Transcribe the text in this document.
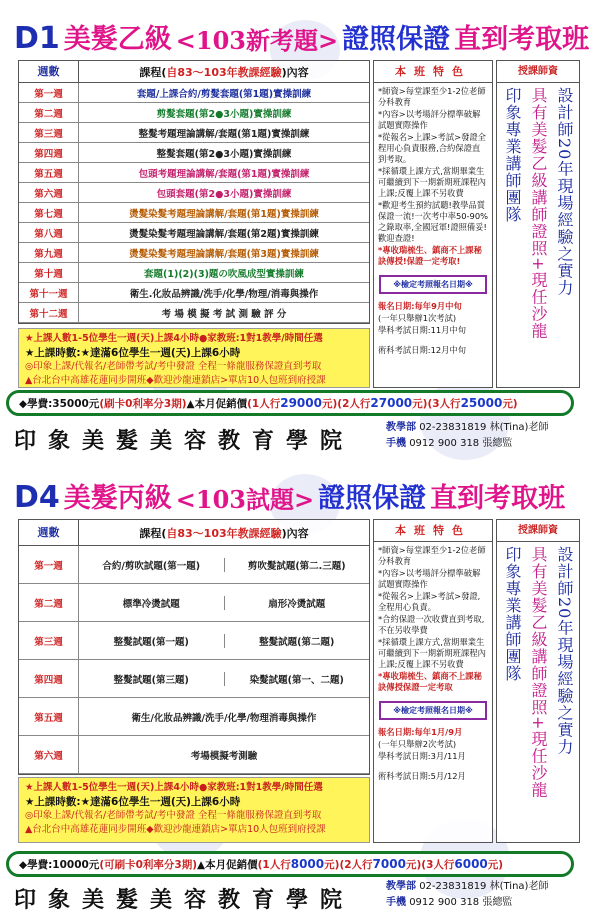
D1 美髮乙級 <103新考題> 證照保證 直到考取班
週數	課程(自83～103年教課經驗)內容
第一週	套題/上課合約/剪髮套題(第1題)實操訓練
第二週	剪髮套題(第2●3小題)實操訓練
第三週	整髮考題理論講解/套題(第1題)實操訓練
第四週	整髮套題(第2●3小題)實操訓練
第五週	包頭考題理論講解/套題(第1題)實操訓練
第六週	包頭套題(第2●3小題)實操訓練
第七週	燙髮染髮考題理論講解/套題(第1題)實操訓練
第八週	燙髮染髮考題理論講解/套題(第2題)實操訓練
第九週	燙髮染髮考題理論講解/套題(第3題)實操訓練
第十週	套題(1)(2)(3)題の吹風成型實操訓練
第十一週	衛生.化妝品辨識/洗手/化學/物理/消毒與操作
第十二週	考 場 模 擬 考 試 測 驗 評 分
★上課人數1-5位學生一週(天)上課4小時●家教班:1對1教學/時間任選
★上課時數:★達滿6位學生一週(天)上課6小時
◎印象上課/代報名/老師帶考試/考中發證 全程一條龍服務保證直到考取
▲台北台中高雄花蓮同步開班◆歡迎沙龍連鎖店>單店10人包班到府授課
本班特色
*師資>每堂課至少1-2位老師分科教育
*內容>以考場評分標準破解試題實際操作
*從報名>上課>考試>發證全程用心負責服務,合約保證直到考取。
*採循環上課方式,當期畢業生可繼續到下一期新期班課程內上課;反覆上課不另收費
*歡迎考生預約試聽!教學品質保證一流!一次考中率50-90%之錄取率,全國冠軍!證照備妥!歡迎查證!
*專收瑞梳生、鎮商不上課秘訣傳授!保證一定考取!
※檢定考照報名日期※
報名日期:每年9月中旬
(一年只舉辦1次考試)
學科考試日期:11月中旬
術科考試日期:12月中旬
授課師資
印象專業講師團隊 具有美髮乙級講師證照+現任沙龍 設計師20年現場經驗之實力
◆學費:35000元 (刷卡0利率分3期) ▲本月促銷價 (1人行 29000 元) (2人行 27000 元) (3人行 25000 元)
印象美髮美容教育學院
教學部 02-23831819 林(Tina)老師
手機 0912 900 318 張總監
D4 美髮丙級 <103試題> 證照保證 直到考取班
週數	課程(自83～103年教課經驗)內容
第一週	合約/剪吹試題(第一題)	剪吹髮試題(第二.三題)
第二週	標準冷燙試題	扇形冷燙試題
第三週	整髮試題(第一題)	整髮試題(第二題)
第四週	整髮試題(第三題)	染髮試題(第一、二題)
第五週	衛生/化妝品辨識/洗手/化學/物理消毒與操作
第六週	考場模擬考測驗
★上課人數1-5位學生一週(天)上課4小時●家教班:1對1教學/時間任選
★上課時數:★達滿6位學生一週(天)上課6小時
◎印象上課/代報名/老師帶考試/考中發證 全程一條龍服務保證直到考取
▲台北台中高雄花蓮同步開班◆歡迎沙龍連鎖店>單店10人包班到府授課
本班特色
*師資>每堂課至少1-2位老師分科教育
*內容>以考場評分標準破解試題實際操作
*從報名>上課>考試>發證,全程用心負責。
*合約保證一次收費直到考取,不在另收學費
*採循環上課方式,當期畢業生可繼續到下一期新期班課程內上課;反覆上課不另收費
*專收瑞梳生、鎮商不上課秘訣傳授保證一定考取
※檢定考照報名日期※
報名日期:每年1月/9月
(一年只舉辦2次考試)
學科考試日期:3月/11月
術科考試日期:5月/12月
授課師資
印象專業講師團隊 具有美髮乙級講師證照+現任沙龍 設計師20年現場經驗之實力
◆學費:10000元 (可刷卡0利率分3期) ▲本月促銷價 (1人行 8000 元) (2人行 7000 元) (3人行 6000 元)
印象美髮美容教育學院
教學部 02-23831819 林(Tina)老師
手機 0912 900 318 張總監
